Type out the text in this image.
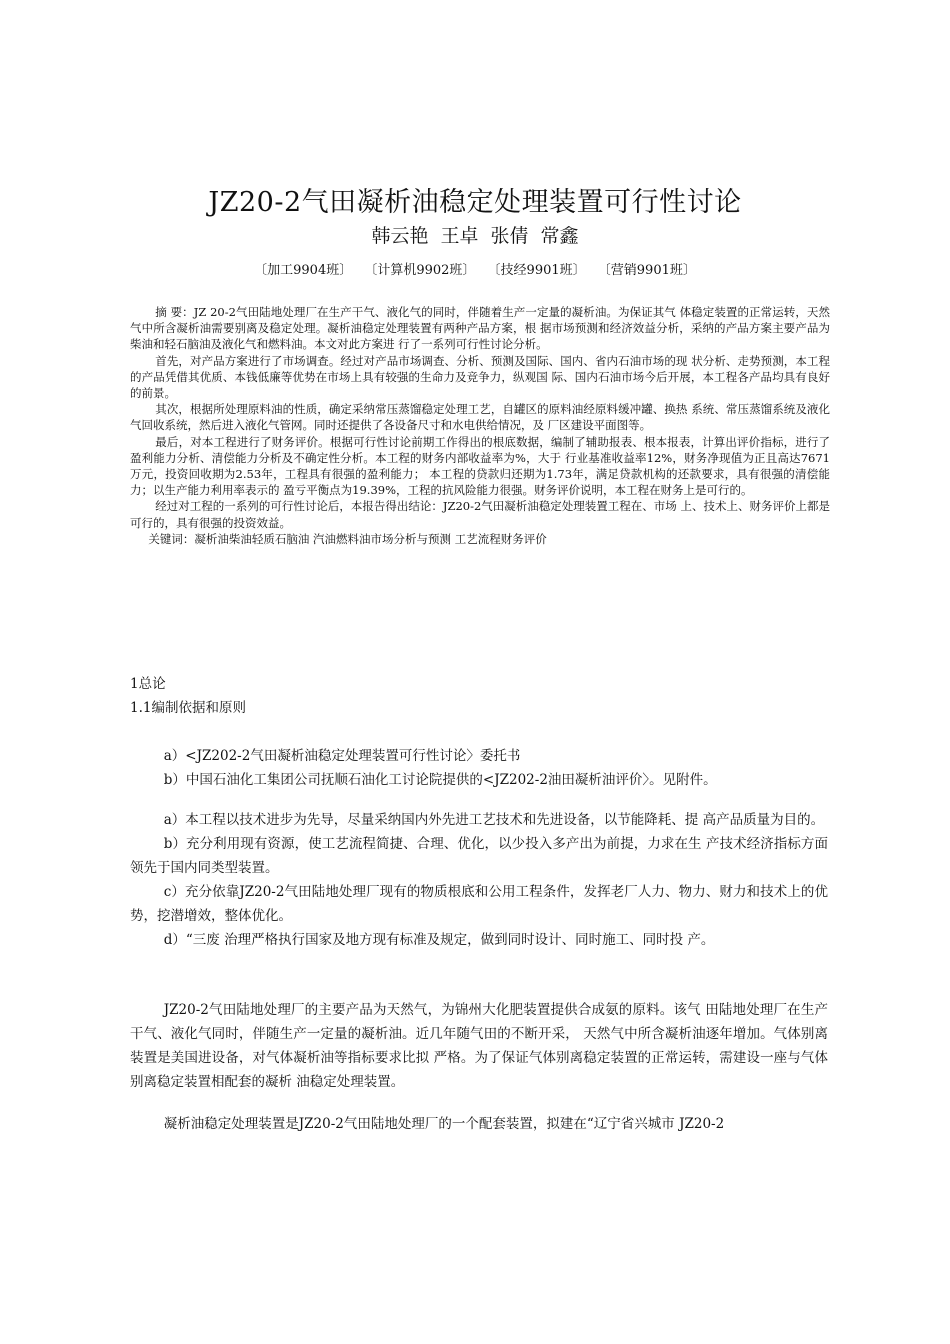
JZ20-2气田凝析油稳定处理装置可行性讨论
韩云艳 王卓 张倩 常鑫
〔加工9904班〕 〔计算机9902班〕 〔技经9901班〕 〔营销9901班〕

摘 要：JZ 20-2气田陆地处理厂在生产干气、液化气的同时，伴随着生产一定量的凝析油。为保证其气 体稳定装置的正常运转，天然气中所含凝析油需要别离及稳定处理。凝析油稳定处理装置有两种产品方案，根 据市场预测和经济效益分析，采纳的产品方案主要产品为柴油和轻石脑油及液化气和燃料油。本文对此方案进 行了一系列可行性讨论分析。

首先，对产品方案进行了市场调查。经过对产品市场调查、分析、预测及国际、国内、省内石油市场的现 状分析、走势预测，本工程的产品凭借其优质、本钱低廉等优势在市场上具有较强的生命力及竞争力，纵观国 际、国内石油市场今后开展，本工程各产品均具有良好的前景。

其次，根据所处理原料油的性质，确定采纳常压蒸馏稳定处理工艺，自罐区的原料油经原料缓冲罐、换热 系统、常压蒸馏系统及液化气回收系统，然后进入液化气管网。同时还提供了各设备尺寸和水电供给情况，及 厂区建设平面图等。

最后，对本工程进行了财务评价。根据可行性讨论前期工作得出的根底数据，编制了辅助报表、根本报表，计算出评价指标，进行了盈利能力分析、清偿能力分析及不确定性分析。本工程的财务内部收益率为%，大于 行业基准收益率12%，财务净现值为正且高达7671万元，投资回收期为2.53年，工程具有很强的盈利能力； 本工程的贷款归还期为1.73年，满足贷款机构的还款要求，具有很强的清偿能力；以生产能力利用率表示的 盈亏平衡点为19.39%，工程的抗风险能力很强。财务评价说明，本工程在财务上是可行的。

经过对工程的一系列的可行性讨论后，本报告得出结论：JZ20-2气田凝析油稳定处理装置工程在、市场 上、技术上、财务评价上都是可行的，具有很强的投资效益。

关键词：凝析油柴油轻质石脑油 汽油燃料油市场分析与预测 工艺流程财务评价

1总论

1.1编制依据和原则

a）<JZ202-2气田凝析油稳定处理装置可行性讨论〉委托书

b）中国石油化工集团公司抚顺石油化工讨论院提供的<JZ202-2油田凝析油评价〉。见附件。

a）本工程以技术进步为先导，尽量采纳国内外先进工艺技术和先进设备，以节能降耗、提 高产品质量为目的。

b）充分利用现有资源，使工艺流程简捷、合理、优化，以少投入多产出为前提，力求在生 产技术经济指标方面领先于国内同类型装置。

c）充分依靠JZ20-2气田陆地处理厂现有的物质根底和公用工程条件，发挥老厂人力、物力、财力和技术上的优势，挖潜增效，整体优化。

d）“三废 治理严格执行国家及地方现有标准及规定，做到同时设计、同时施工、同时投 产。

JZ20-2气田陆地处理厂的主要产品为天然气，为锦州大化肥装置提供合成氨的原料。该气 田陆地处理厂在生产干气、液化气同时，伴随生产一定量的凝析油。近几年随气田的不断开采， 天然气中所含凝析油逐年增加。气体别离装置是美国进设备，对气体凝析油等指标要求比拟 严格。为了保证气体别离稳定装置的正常运转，需建设一座与气体别离稳定装置相配套的凝析 油稳定处理装置。

凝析油稳定处理装置是JZ20-2气田陆地处理厂的一个配套装置，拟建在“辽宁省兴城市 JZ20-2
